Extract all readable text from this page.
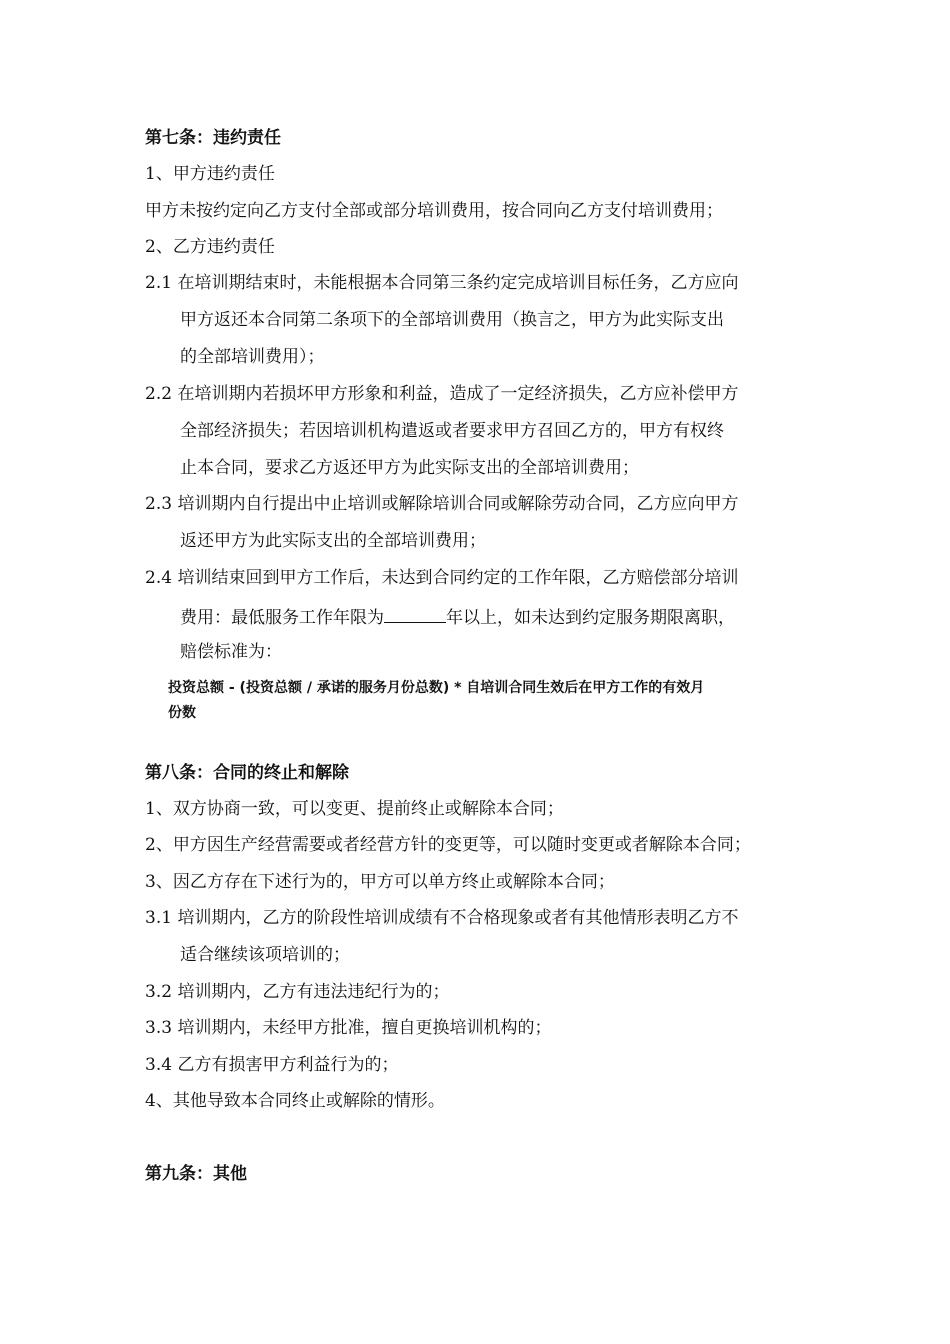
第七条：违约责任
1、甲方违约责任
甲方未按约定向乙方支付全部或部分培训费用，按合同向乙方支付培训费用；
2、乙方违约责任
2.1 在培训期结束时，未能根据本合同第三条约定完成培训目标任务，乙方应向
甲方返还本合同第二条项下的全部培训费用（换言之，甲方为此实际支出
的全部培训费用）；
2.2 在培训期内若损坏甲方形象和利益，造成了一定经济损失，乙方应补偿甲方
全部经济损失；若因培训机构遣返或者要求甲方召回乙方的，甲方有权终
止本合同，要求乙方返还甲方为此实际支出的全部培训费用；
2.3 培训期内自行提出中止培训或解除培训合同或解除劳动合同，乙方应向甲方
返还甲方为此实际支出的全部培训费用；
2.4 培训结束回到甲方工作后，未达到合同约定的工作年限，乙方赔偿部分培训
费用：最低服务工作年限为	年以上，如未达到约定服务期限离职，
赔偿标准为：
投资总额 - (投资总额 / 承诺的服务月份总数) * 自培训合同生效后在甲方工作的有效月
份数
第八条：合同的终止和解除
1、双方协商一致，可以变更、提前终止或解除本合同；
2、甲方因生产经营需要或者经营方针的变更等，可以随时变更或者解除本合同；
3、因乙方存在下述行为的，甲方可以单方终止或解除本合同；
3.1 培训期内，乙方的阶段性培训成绩有不合格现象或者有其他情形表明乙方不
适合继续该项培训的；
3.2 培训期内，乙方有违法违纪行为的；
3.3 培训期内，未经甲方批准，擅自更换培训机构的；
3.4 乙方有损害甲方利益行为的；
4、其他导致本合同终止或解除的情形。
第九条：其他
